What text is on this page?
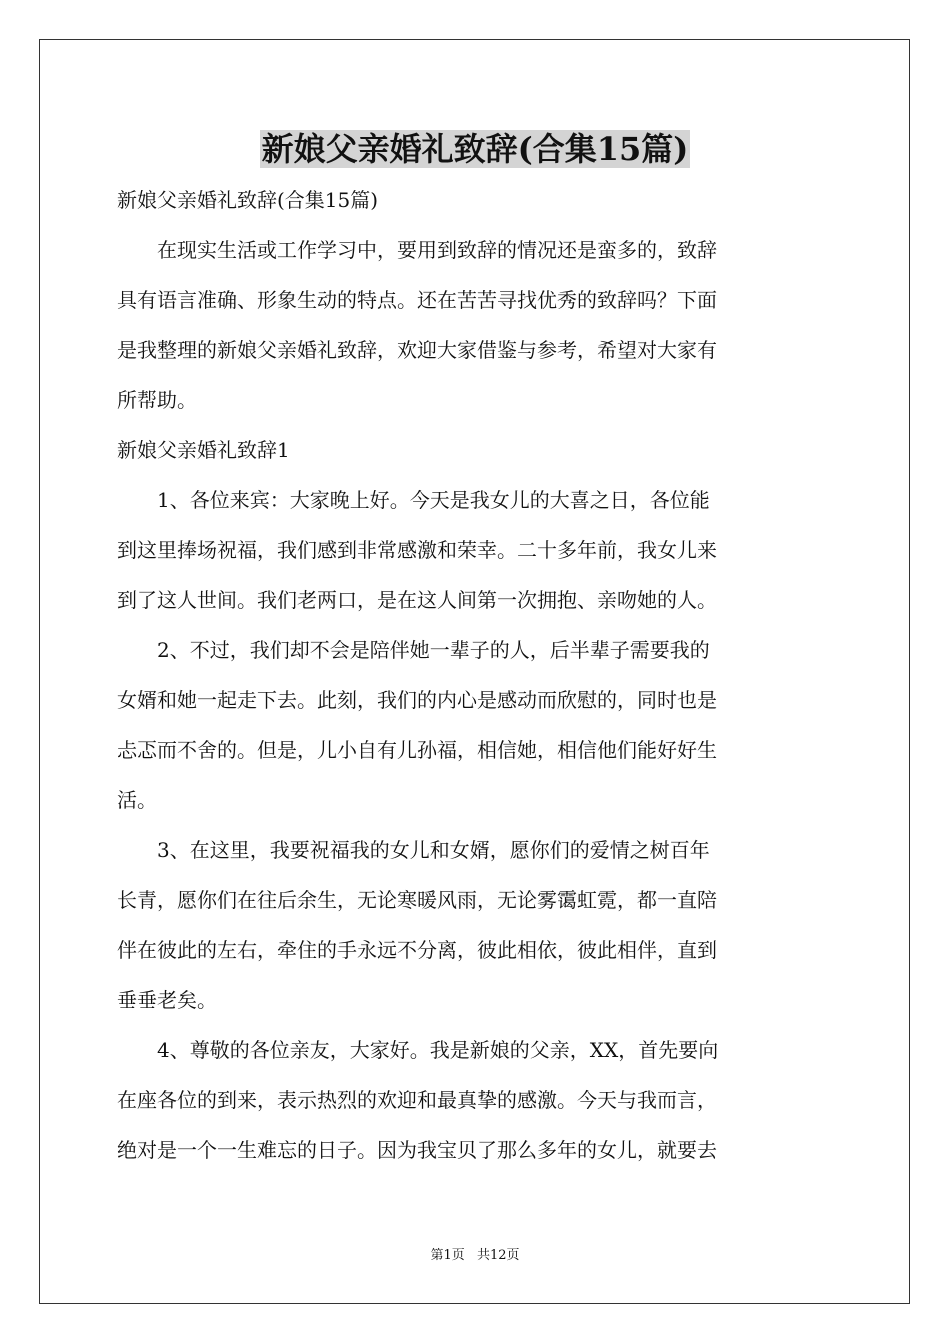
新娘父亲婚礼致辞(合集15篇)
新娘父亲婚礼致辞(合集15篇)
　　在现实生活或工作学习中，要用到致辞的情况还是蛮多的，致辞
具有语言准确、形象生动的特点。还在苦苦寻找优秀的致辞吗？下面
是我整理的新娘父亲婚礼致辞，欢迎大家借鉴与参考，希望对大家有
所帮助。
新娘父亲婚礼致辞1
　　1、各位来宾：大家晚上好。今天是我女儿的大喜之日，各位能
到这里捧场祝福，我们感到非常感激和荣幸。二十多年前，我女儿来
到了这人世间。我们老两口，是在这人间第一次拥抱、亲吻她的人。
　　2、不过，我们却不会是陪伴她一辈子的人，后半辈子需要我的
女婿和她一起走下去。此刻，我们的内心是感动而欣慰的，同时也是
忐忑而不舍的。但是，儿小自有儿孙福，相信她，相信他们能好好生
活。
　　3、在这里，我要祝福我的女儿和女婿，愿你们的爱情之树百年
长青，愿你们在往后余生，无论寒暖风雨，无论雾霭虹霓，都一直陪
伴在彼此的左右，牵住的手永远不分离，彼此相依，彼此相伴，直到
垂垂老矣。
　　4、尊敬的各位亲友，大家好。我是新娘的父亲，XX，首先要向
在座各位的到来，表示热烈的欢迎和最真挚的感激。今天与我而言，
绝对是一个一生难忘的日子。因为我宝贝了那么多年的女儿，就要去
第1页 共12页
